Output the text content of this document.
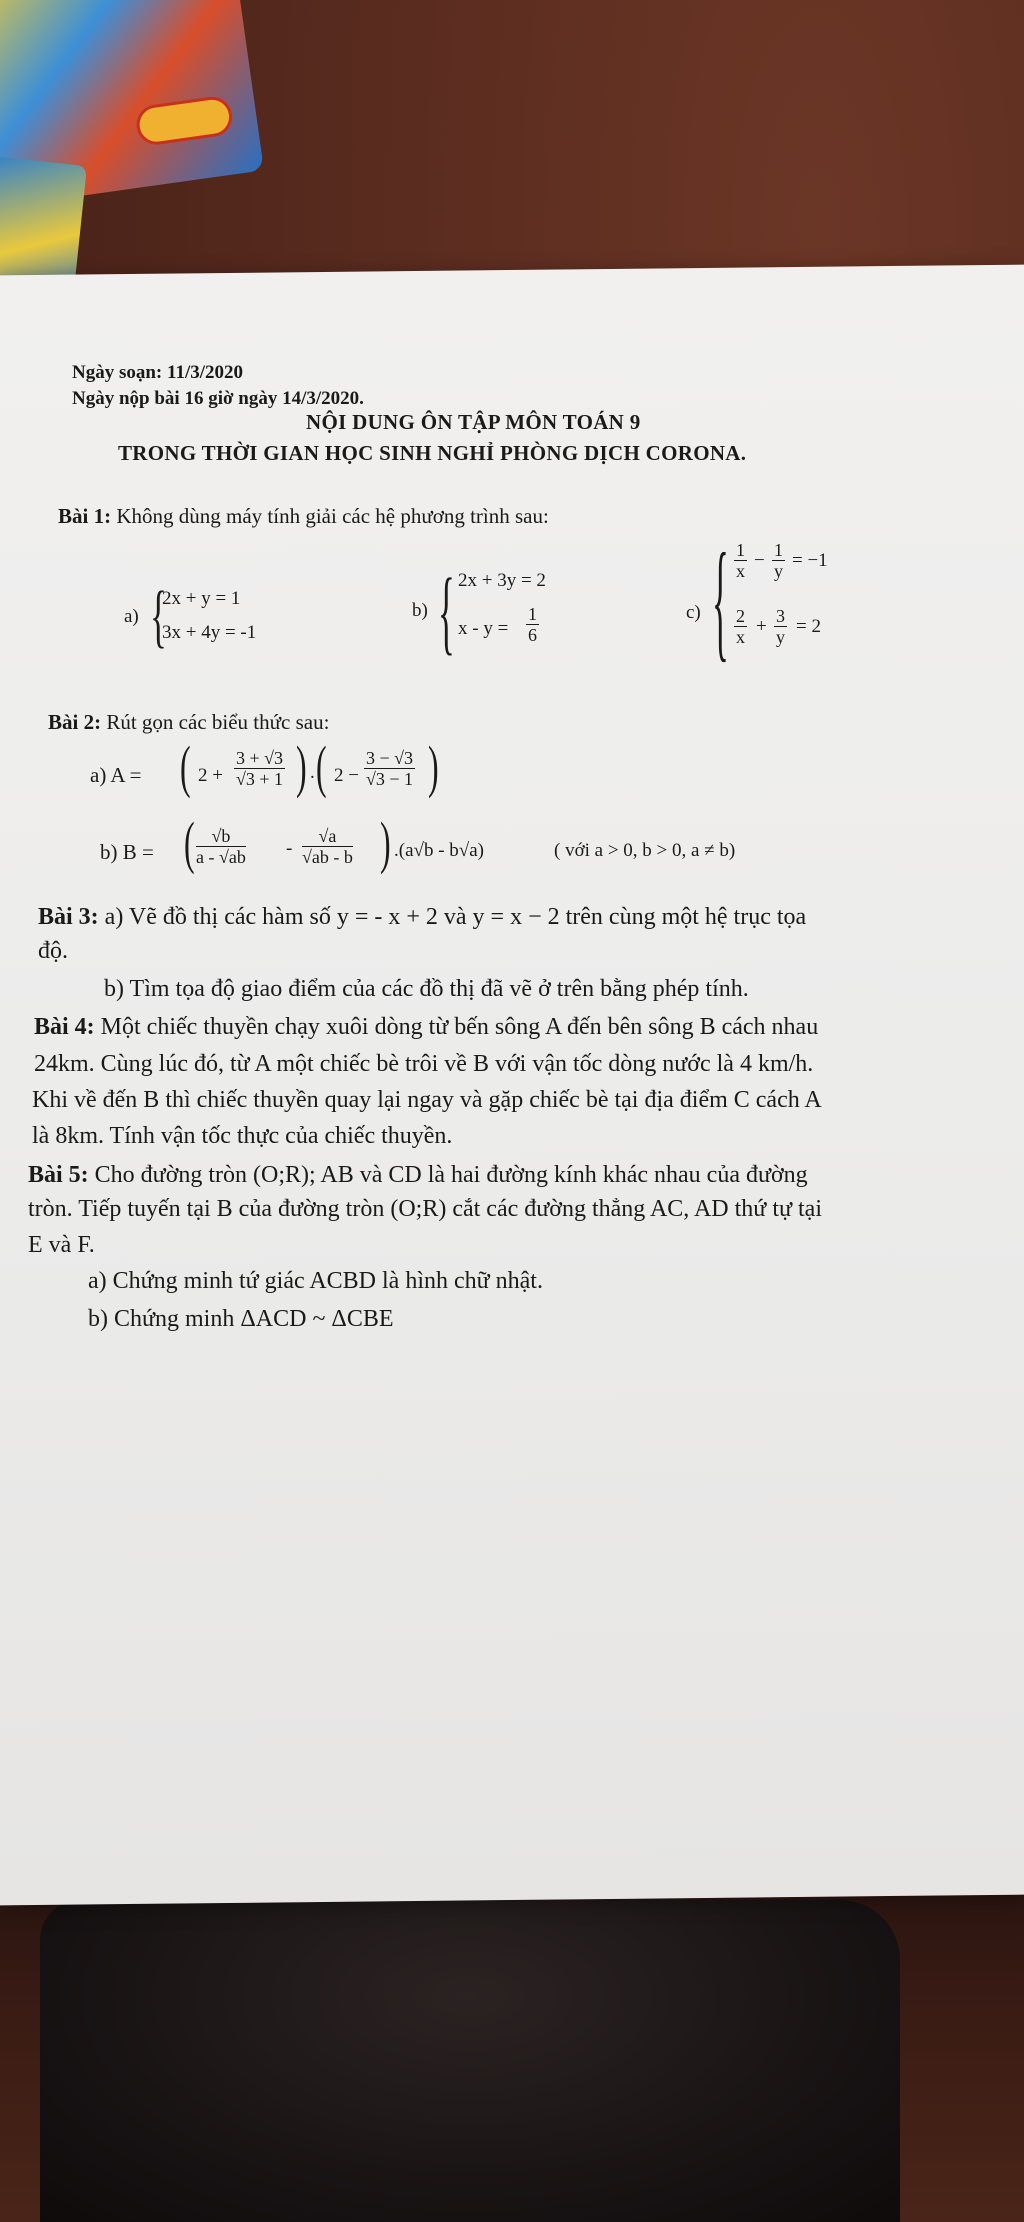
Ngày soạn: 11/3/2020
Ngày nộp bài 16 giờ ngày 14/3/2020.
NỘI DUNG ÔN TẬP MÔN TOÁN 9
TRONG THỜI GIAN HỌC SINH NGHỈ PHÒNG DỊCH CORONA.
Bài 1: Không dùng máy tính giải các hệ phương trình sau:
a) {
2x + y = 1
3x + 4y = -1
b) { 2x + 3y = 2
$x - y = \frac{1}{6}$	c) { $\frac{1}{x} - \frac{1}{y} = -1$
$\frac{2}{x} + \frac{3}{y} = 2$
Bài 2: Rút gọn các biểu thức sau:
a) A = ( $2 + \frac{3 + √3}{√3 + 1}$ ) . ( $2 - \frac{3 - √3}{√3 - 1}$ )
b) B = ( $\frac{√b}{a - √ab} - \frac{√a}{√ab - b}$ ) .(a√b - b√a)	( với a > 0, b > 0, a ≠ b)
Bài 3: a) Vẽ đồ thị các hàm số y = - x + 2 và y = x − 2 trên cùng một hệ trục tọa
độ.
b) Tìm tọa độ giao điểm của các đồ thị đã vẽ ở trên bằng phép tính.
Bài 4: Một chiếc thuyền chạy xuôi dòng từ bến sông A đến bên sông B cách nhau
24km. Cùng lúc đó, từ A một chiếc bè trôi về B với vận tốc dòng nước là 4 km/h.
Khi về đến B thì chiếc thuyền quay lại ngay và gặp chiếc bè tại địa điểm C cách A
là 8km. Tính vận tốc thực của chiếc thuyền.
Bài 5: Cho đường tròn (O;R); AB và CD là hai đường kính khác nhau của đường
tròn. Tiếp tuyến tại B của đường tròn (O;R) cắt các đường thẳng AC, AD thứ tự tại
E và F.
a) Chứng minh tứ giác ACBD là hình chữ nhật.
b) Chứng minh ΔACD ~ ΔCBE
